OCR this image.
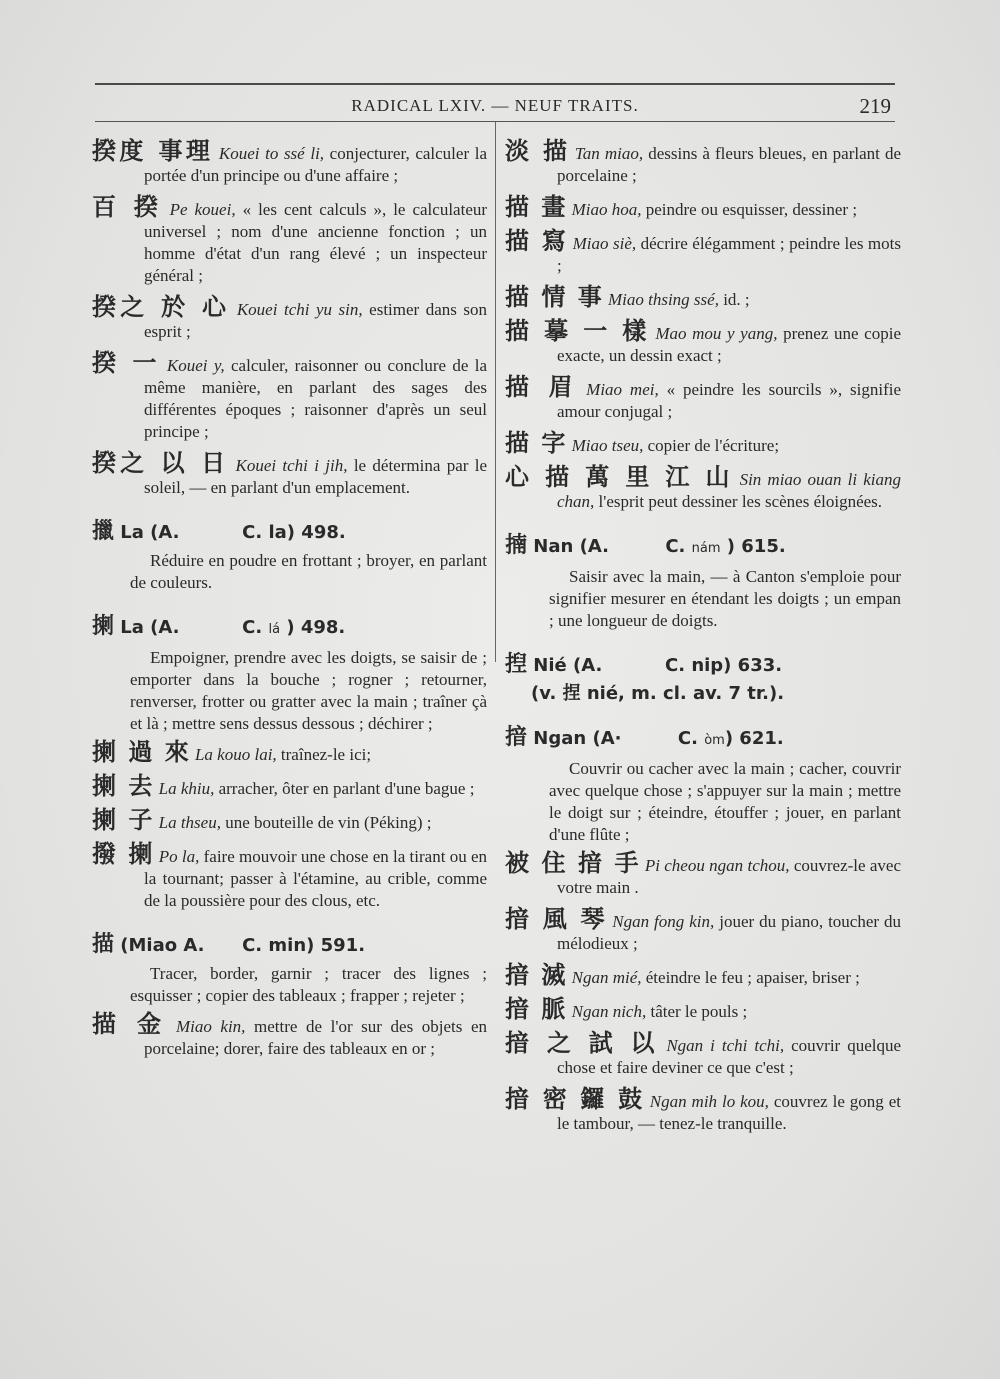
RADICAL LXIV. — NEUF TRAITS.	219
揆度 事理 Kouei to ssé li, conjecturer, calculer la portée d'un principe ou d'une affaire ;
百 揆 Pe kouei, « les cent calculs », le calculateur universel ; nom d'une ancienne fonction ; un homme d'état d'un rang élevé ; un inspecteur général ;
揆之 於 心 Kouei tchi yu sin, estimer dans son esprit ;
揆 一 Kouei y, calculer, raisonner ou conclure de la même manière, en parlant des sages des différentes époques ; raisonner d'après un seul principe ;
揆之 以 日 Kouei tchi i jih, le détermina par le soleil, — en parlant d'un emplacement.
擸 La (A.          C. la) 498.
Réduire en poudre en frottant ; broyer, en parlant de couleurs.
揦 La (A.          C. lá ) 498.
Empoigner, prendre avec les doigts, se saisir de ; emporter dans la bouche ; rogner ; retourner, renverser, frotter ou gratter avec la main ; traîner çà et là ; mettre sens dessus dessous ; déchirer ;
揦 過 來 La kouo lai, traînez-le ici;
揦 去 La khiu, arracher, ôter en parlant d'une bague ;
揦 子 La thseu, une bouteille de vin (Péking) ;
撥 揦 Po la, faire mouvoir une chose en la tirant ou en la tournant; passer à l'étamine, au crible, comme de la poussière pour des clous, etc.
描 (Miao A.      C. min) 591.
Tracer, border, garnir ; tracer des lignes ; esquisser ; copier des tableaux ; frapper ; rejeter ;
描 金 Miao kin, mettre de l'or sur des objets en porcelaine; dorer, faire des tableaux en or ;
淡 描 Tan miao, dessins à fleurs bleues, en parlant de porcelaine ;
描 畫 Miao hoa, peindre ou esquisser, dessiner ;
描 寫 Miao siè, décrire élégamment ; peindre les mots ;
描 情 事 Miao thsing ssé, id. ;
描 摹 一 樣 Mao mou y yang, prenez une copie exacte, un dessin exact ;
描 眉 Miao mei, « peindre les sourcils », signifie amour conjugal ;
描 字 Miao tseu, copier de l'écriture;
心 描 萬 里 江 山 Sin miao ouan li kiang chan, l'esprit peut dessiner les scènes éloignées.
揇 Nan (A.         C. nám ) 615.
Saisir avec la main, — à Canton s'emploie pour signifier mesurer en étendant les doigts ; un empan ; une longueur de doigts.
揑 Nié (A.          C. nip) 633.
(v. 捏 nié, m. cl. av. 7 tr.).
揞 Ngan (A·         C. òm) 621.
Couvrir ou cacher avec la main ; cacher, couvrir avec quelque chose ; s'appuyer sur la main ; mettre le doigt sur ; éteindre, étouffer ; jouer, en parlant d'une flûte ;
被 住 揞 手 Pi cheou ngan tchou, couvrez-le avec votre main .
揞 風 琴 Ngan fong kin, jouer du piano, toucher du mélodieux ;
揞 滅 Ngan mié, éteindre le feu ; apaiser, briser ;
揞 脈 Ngan nich, tâter le pouls ;
揞 之 試 以 Ngan i tchi tchi, couvrir quelque chose et faire deviner ce que c'est ;
揞 密 鑼 鼓 Ngan mih lo kou, couvrez le gong et le tambour, — tenez-le tranquille.
